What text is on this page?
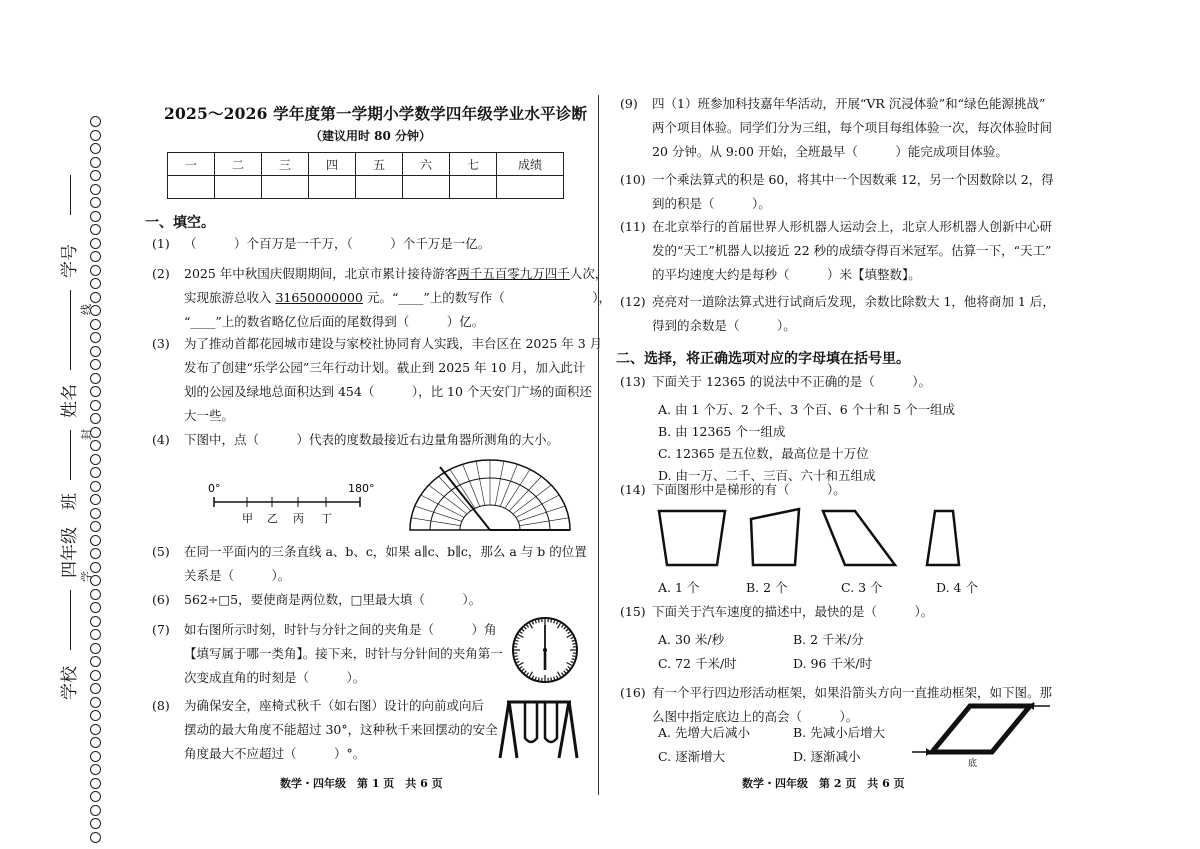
学号
姓名
班
四年级
学校
线
封
学
2025～2026 学年度第一学期小学数学四年级学业水平诊断
（建议用时 80 分钟）
一	二	三	四	五	六	七	成绩

一、填空。
(1) （　　　）个百万是一千万，（　　　）个千万是一亿。
(2) 2025 年中秋国庆假期期间，北京市累计接待游客两千五百零九万四千人次，
实现旅游总收入 31650000000 元。“____”上的数写作（　　　　　　　），
“____”上的数省略亿位后面的尾数得到（　　　）亿。
(3) 为了推动首都花园城市建设与家校社协同育人实践，丰台区在 2025 年 3 月
发布了创建“乐学公园”三年行动计划。截止到 2025 年 10 月，加入此计
划的公园及绿地总面积达到 454（　　　），比 10 个天安门广场的面积还
大一些。
(4) 下图中，点（　　　）代表的度数最接近右边量角器所测角的大小。
0°	180°
甲 乙 丙 丁
(5) 在同一平面内的三条直线 a、b、c，如果 a∥c、b∥c，那么 a 与 b 的位置
关系是（　　　）。
(6) 562÷□5，要使商是两位数，□里最大填（　　　）。
(7) 如右图所示时刻，时针与分针之间的夹角是（　　　）角
【填写属于哪一类角】。接下来，时针与分针间的夹角第一
次变成直角的时刻是（　　　）。
(8) 为确保安全，座椅式秋千（如右图）设计的向前或向后
摆动的最大角度不能超过 30°，这种秋千来回摆动的安全
角度最大不应超过（　　　）°。
数学・四年级　第 1 页　共 6 页
(9) 四（1）班参加科技嘉年华活动，开展“VR 沉浸体验”和“绿色能源挑战”
两个项目体验。同学们分为三组，每个项目每组体验一次，每次体验时间
20 分钟。从 9:00 开始，全班最早（　　　）能完成项目体验。
(10) 一个乘法算式的积是 60，将其中一个因数乘 12，另一个因数除以 2，得
到的积是（　　　）。
(11) 在北京举行的首届世界人形机器人运动会上，北京人形机器人创新中心研
发的“天工”机器人以接近 22 秒的成绩夺得百米冠军。估算一下，“天工”
的平均速度大约是每秒（　　　）米【填整数】。
(12) 亮亮对一道除法算式进行试商后发现，余数比除数大 1，他将商加 1 后，
得到的余数是（　　　）。
二、选择，将正确选项对应的字母填在括号里。
(13) 下面关于 12365 的说法中不正确的是（　　　）。
A. 由 1 个万、2 个千、3 个百、6 个十和 5 个一组成
B. 由 12365 个一组成
C. 12365 是五位数，最高位是十万位
D. 由一万、二千、三百、六十和五组成
(14) 下面图形中是梯形的有（　　　）。
A. 1 个	B. 2 个	C. 3 个	D. 4 个
(15) 下面关于汽车速度的描述中，最快的是（　　　）。
A. 30 米/秒	B. 2 千米/分
C. 72 千米/时	D. 96 千米/时
(16) 有一个平行四边形活动框架，如果沿箭头方向一直推动框架，如下图。那
么图中指定底边上的高会（　　　）。
A. 先增大后减小	B. 先减小后增大
C. 逐渐增大	D. 逐渐减小	底
数学・四年级　第 2 页　共 6 页
